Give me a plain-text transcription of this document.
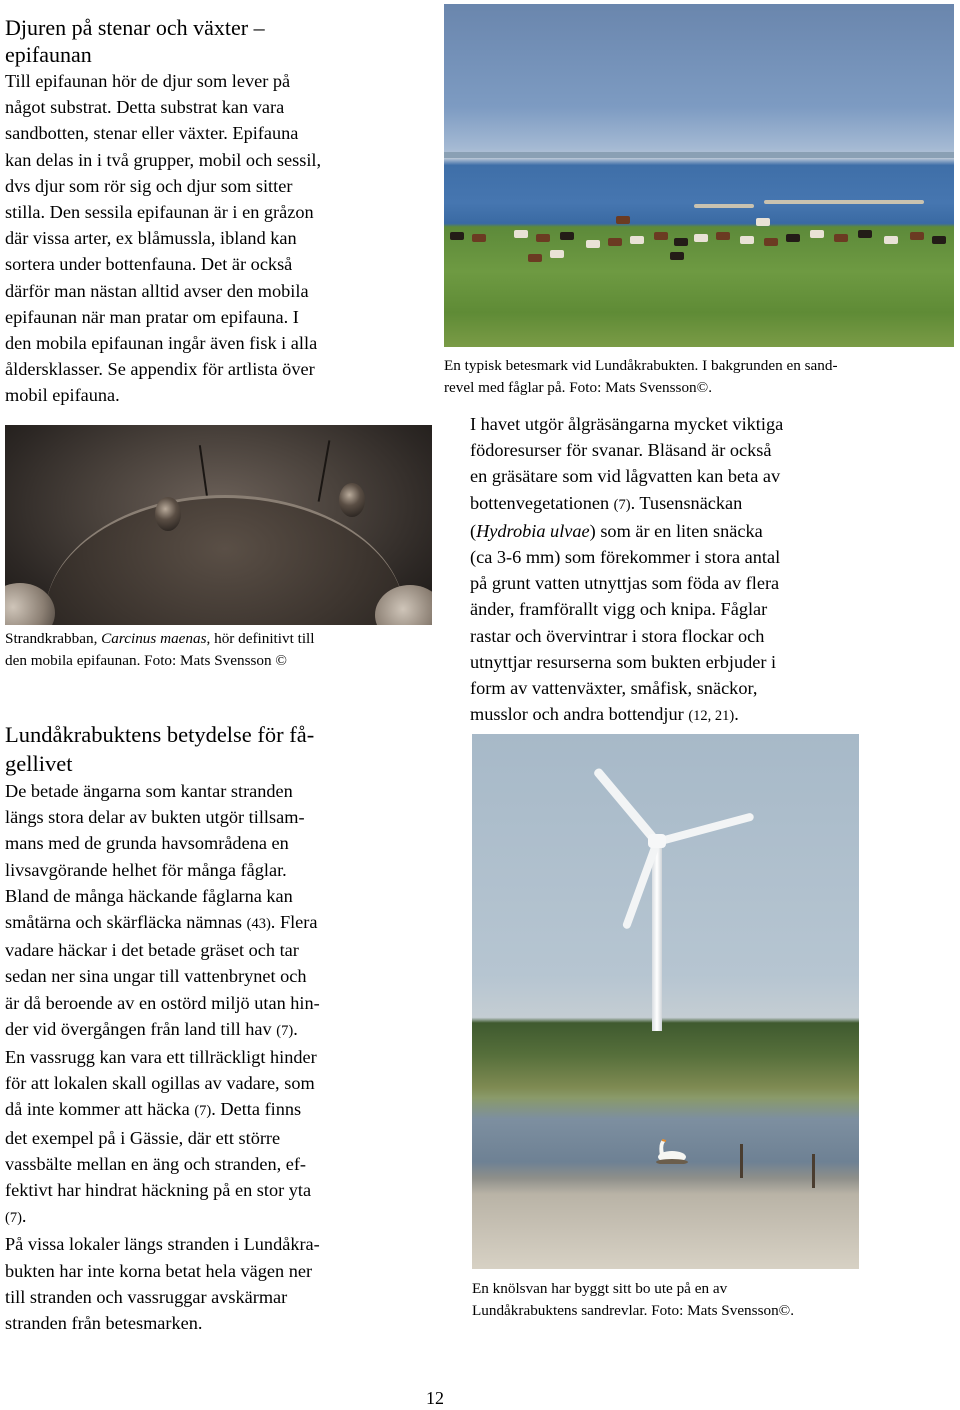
Djuren på stenar och växter –
epifaunan
Till epifaunan hör de djur som lever på
något substrat. Detta substrat kan vara
sandbotten, stenar eller växter. Epifauna
kan delas in i två grupper, mobil och sessil,
dvs djur som rör sig och djur som sitter
stilla. Den sessila epifaunan är i en gråzon
där vissa arter, ex blåmussla, ibland kan
sortera under bottenfauna. Det är också
därför man nästan alltid avser den mobila
epifaunan när man pratar om epifauna. I
den mobila epifaunan ingår även fisk i alla
åldersklasser. Se appendix för artlista över
mobil epifauna.
Strandkrabban, Carcinus maenas, hör definitivt till
den mobila epifaunan. Foto: Mats Svensson ©
Lundåkrabuktens betydelse för få-
gellivet
De betade ängarna som kantar stranden
längs stora delar av bukten utgör tillsam-
mans med de grunda havsområdena en
livsavgörande helhet för många fåglar.
Bland de många häckande fåglarna kan
småtärna och skärfläcka nämnas (43). Flera
vadare häckar i det betade gräset och tar
sedan ner sina ungar till vattenbrynet och
är då beroende av en ostörd miljö utan hin-
der vid övergången från land till hav (7).
En vassrugg kan vara ett tillräckligt hinder
för att lokalen skall ogillas av vadare, som
då inte kommer att häcka (7). Detta finns
det exempel på i Gässie, där ett större
vassbälte mellan en äng och stranden, ef-
fektivt har hindrat häckning på en stor yta
(7).
På vissa lokaler längs stranden i Lundåkra-
bukten har inte korna betat hela vägen ner
till stranden och vassruggar avskärmar
stranden från betesmarken.
En typisk betesmark vid Lundåkrabukten. I bakgrunden en sand-
revel med fåglar på. Foto: Mats Svensson©.
I havet utgör ålgräsängarna mycket viktiga
födoresurser för svanar. Bläsand är också
en gräsätare som vid lågvatten kan beta av
bottenvegetationen (7). Tusensnäckan
(Hydrobia ulvae) som är en liten snäcka
(ca 3-6 mm) som förekommer i stora antal
på grunt vatten utnyttjas som föda av flera
änder, framförallt vigg och knipa. Fåglar
rastar och övervintrar i stora flockar och
utnyttjar resurserna som bukten erbjuder i
form av vattenväxter, småfisk, snäckor,
musslor och andra bottendjur (12, 21).
En knölsvan har byggt sitt bo ute på en av
Lundåkrabuktens sandrevlar. Foto: Mats Svensson©.
12
